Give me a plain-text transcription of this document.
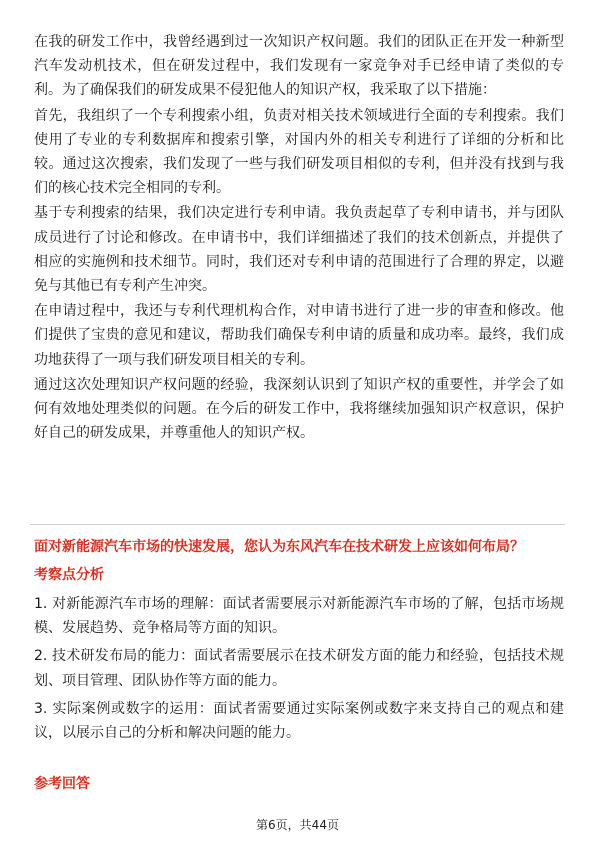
在我的研发工作中，我曾经遇到过一次知识产权问题。我们的团队正在开发一种新型汽车发动机技术，但在研发过程中，我们发现有一家竞争对手已经申请了类似的专利。为了确保我们的研发成果不侵犯他人的知识产权，我采取了以下措施：

首先，我组织了一个专利搜索小组，负责对相关技术领域进行全面的专利搜索。我们使用了专业的专利数据库和搜索引擎，对国内外的相关专利进行了详细的分析和比较。通过这次搜索，我们发现了一些与我们研发项目相似的专利，但并没有找到与我们的核心技术完全相同的专利。

基于专利搜索的结果，我们决定进行专利申请。我负责起草了专利申请书，并与团队成员进行了讨论和修改。在申请书中，我们详细描述了我们的技术创新点，并提供了相应的实施例和技术细节。同时，我们还对专利申请的范围进行了合理的界定，以避免与其他已有专利产生冲突。

在申请过程中，我还与专利代理机构合作，对申请书进行了进一步的审查和修改。他们提供了宝贵的意见和建议，帮助我们确保专利申请的质量和成功率。最终，我们成功地获得了一项与我们研发项目相关的专利。

通过这次处理知识产权问题的经验，我深刻认识到了知识产权的重要性，并学会了如何有效地处理类似的问题。在今后的研发工作中，我将继续加强知识产权意识，保护好自己的研发成果，并尊重他人的知识产权。

面对新能源汽车市场的快速发展，您认为东风汽车在技术研发上应该如何布局？

考察点分析

1. 对新能源汽车市场的理解：面试者需要展示对新能源汽车市场的了解，包括市场规模、发展趋势、竞争格局等方面的知识。

2. 技术研发布局的能力：面试者需要展示在技术研发方面的能力和经验，包括技术规划、项目管理、团队协作等方面的能力。

3. 实际案例或数字的运用：面试者需要通过实际案例或数字来支持自己的观点和建议，以展示自己的分析和解决问题的能力。

参考回答

第6页，共44页
